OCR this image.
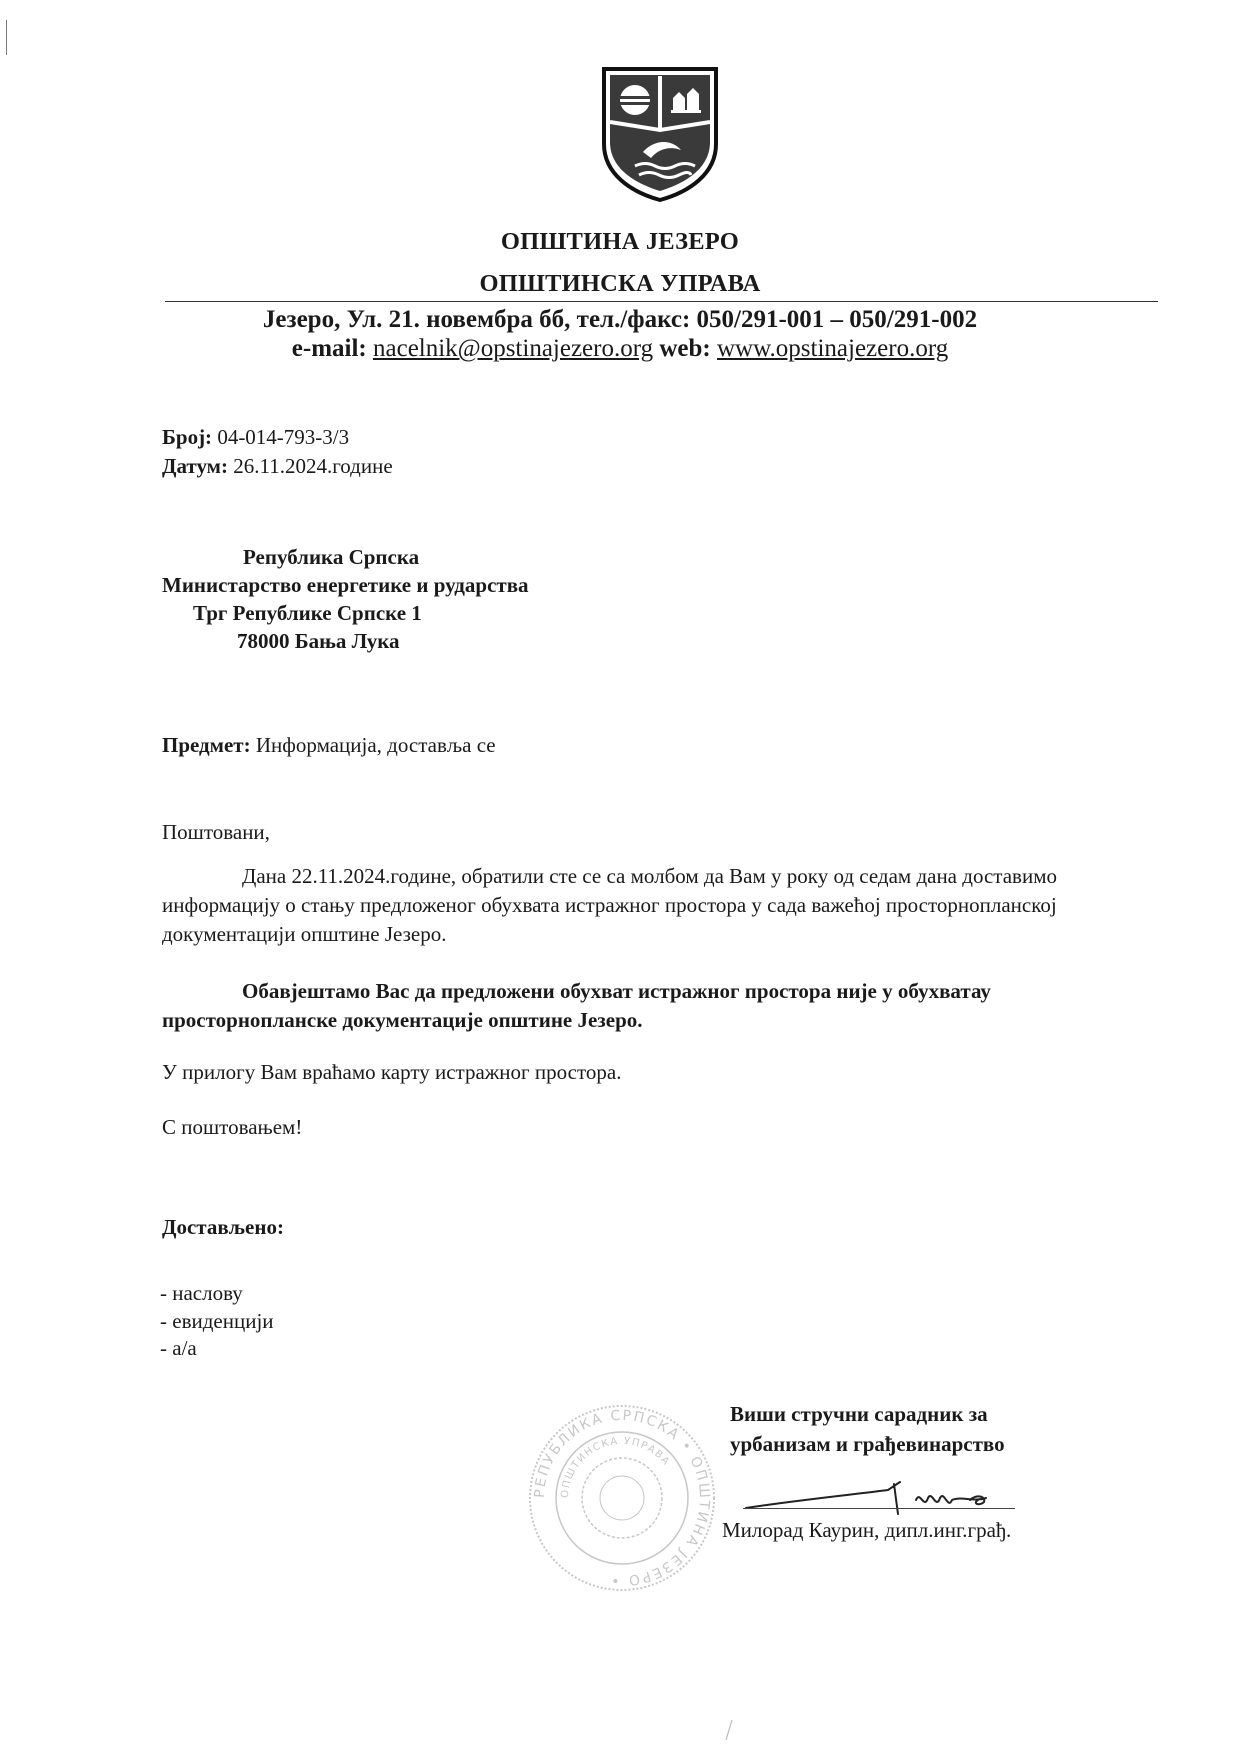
ОПШТИНА ЈЕЗЕРО
ОПШТИНСКА УПРАВА
Језеро, Ул. 21. новембра бб, тел./факс: 050/291-001 – 050/291-002
e-mail: nacelnik@opstinajezero.org web: www.opstinajezero.org
Број: 04-014-793-3/3
Датум: 26.11.2024.године
Република Српска
Министарство енергетике и рударства
Трг Републике Српске 1
78000 Бања Лука
Предмет: Информација, доставља се
Поштовани,
Дана 22.11.2024.године, обратили сте се са молбом да Вам у року од седам дана доставимо информацију о стању предложеног обухвата истражног простора у сада важећој просторнопланској документацији општине Језеро.
Обавјештамо Вас да предложени обухват истражног простора није у обухватау просторнопланске документације општине Језеро.
У прилогу Вам враћамо карту истражног простора.
С поштовањем!
Достављено:
- наслову
- евиденцији
- а/а
РЕПУБЛИКА СРПСКА • ОПШТИНА ЈЕЗЕРО •
ОПШТИНСКА УПРАВА
Виши стручни сарадник за
урбанизам и грађевинарство
Милорад Каурин, дипл.инг.грађ.
